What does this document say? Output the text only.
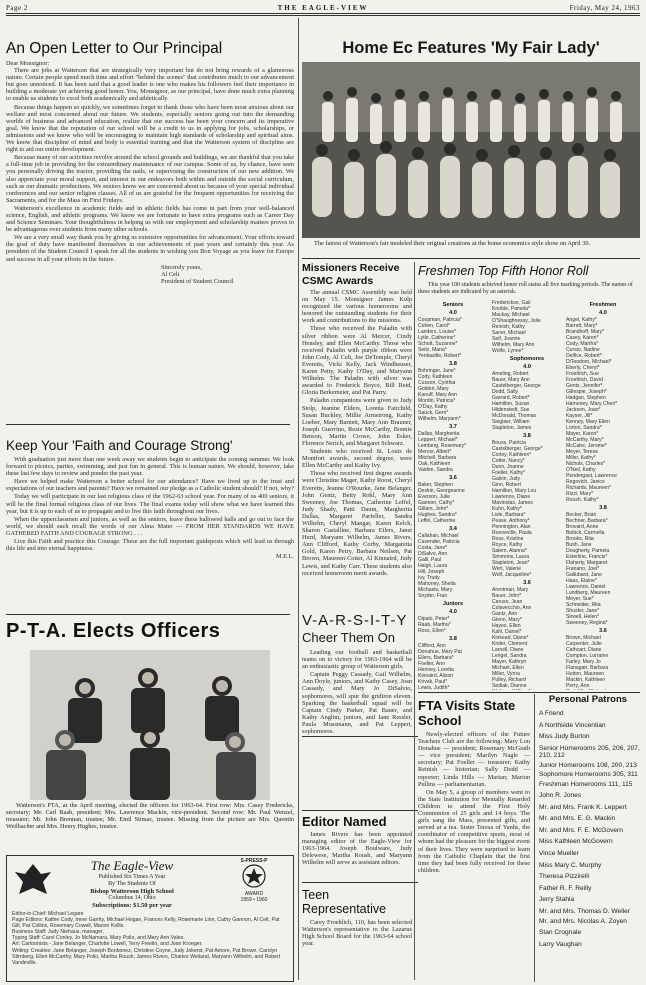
Page 2	THE EAGLE-VIEW	Friday, May 24, 1963
An Open Letter to Our Principal
Dear Monsignor:

There are jobs at Watterson that are strategically very important but do not bring rewards of a glamorous nature. Certain people spend much time and effort "behind the scenes" that contributes much to our advancement but goes unnoticed. It has been said that a good leader is one who makes his followers feel their importance in building a moderate yet achieving good honor. You, Monsignor, as our principal, have done much extra planning to enable us students to excel both academically and athletically.

Because things happen so quickly, we sometimes forget to thank those who have been most anxious about our welfare and most concerned about our future. We students, especially seniors going out into the demanding worlds of business and advanced education, realize that our success has been your concern and its imperative goal. We know that the reputation of our school will be a credit to us in applying for jobs, scholarships, or admissions and we know who will be encouraging to maintain high standards of scholarship and spiritual aims. We know that discipline of mind and body is essential training and that the Watterson system of discipline are right to aid our entire development.

Because many of our activities revolve around the school grounds and buildings, we are thankful that you take a full-time job in providing for the extraordinary maintenance of our campus. Some of us, by chance, have seen you personally driving the tractor, providing the nails, or supervising the construction of our new addition. We also appreciate your moral support, and interest in our endeavors both within and outside the social curriculum, such as our dramatic productions. We seniors know we are concerned about us because of your special individual conferences and our senior religion classes. All of us are grateful for the frequent opportunities for receiving the Sacraments, and for the Mass on First Fridays.

Watterson's excellence in academic fields and in athletic fields has come in part from your well-balanced science, English, and athletic programs. We know we are fortunate to have extra programs such as Career Day and Science Seminars. Your thoughtfulness in helping us with our employment and scholarship matters proves to be advantageous over students from many other schools.

We are a very small way thank you by giving us extensive opportunities for advancement. Your efforts toward the goal of duty have manifested themselves in our achievements of past years and certainly this year. As president of the Student Council I speak for all the students in wishing you Bon Voyage as you leave for Europe and success in all your efforts in the future.

Sincerely yours,
Al Celt
President of Student Council
Keep Your 'Faith and Courage Strong'

With graduation just more than one week away we students begin to anticipate the coming summer. We look forward to picnics, parties, swimming, and just fun in general. This is human nature. We should, however, take these last few days to review and ponder the past year.

Have we helped make Watterson a better school for our attendance? Have we lived up to the trust and expectations of our teachers and parents? Have we remained our pledge as a Catholic student should? If not, why?

Today we will participate in our last religious class of the 1962-63 school year. For many of us 400 seniors, it will be the final formal religious class of our lives. The final exams today will show what we have learned this year, but it is up to each of us to propagate and to live this faith throughout our lives.

When the upperclassmen and juniors, as well as the seniors, leave these hallowed halls and go out to face the world, we should each recall the words of our Alma Mater — FROM HER STANDARDS WE HAVE GATHERED FAITH AND COURAGE STRONG . . .

Live this Faith and practice this Courage. These are the full important guideposts which will lead us through this life and into eternal happiness.

M.E.L.
P-T-A. Elects Officers

Watterson's PTA, at the April meeting, elected the officers for 1963-64. First row: Mrs. Casey Fredericks, secretary; Mr. Carl Raab, president; Mrs. Lawrence Mackin, vice-president. Second row: Mr. Paul Wenzel, treasurer; Mr. John Brennan, trustee; Mr. Emil Stimac, trustee. Missing from the picture are Mrs. Quentin Weilbacher and Mrs. Henry Hughes, trustee.

The Eagle-View
Published Six Times A Year
By The Students Of
Bishop Watterson High School
Columbus 14, Ohio
Subscriptions: $1.50 per year
S-PRESS-P
AWARD
1959 • 1960
Editor-in-Chief: Michael Legare
Page Editors: Kathie Cody, Irene Garrity, Michael Hogan, Frances Kelly, Rosemarie Linn, Cathy Gannon, Al Celt, Pat Gill, Pat Collins, Rosemary Cowell, Marion Kollis.
Business Staff: Judy Niehaus, manager.
Typing Staff: Carol Conley, Jo McNamara, Mary Polio, and Mary Ann Vales.
Art: Cartoonists - Jane Belanger, Charlotte Lowell, Terry Freelin, and Joan Kroeger.
Writing: Creative: Jane Belanger, Joseph Bonbonez, Christine Coyne, Judy Jokerst, Pat Amore, Pat Brown, Carolyn Stirnberg, Ellen McCarthy, Mary Polio, Martha Roush, James Rivers, Charles Weiland, Maryann Wilhelm, and Robert Vandeville.
Home Ec Features 'My Fair Lady'

The fairest of Watterson's fair modeled their original creations at the home economics style show on April 30.

Missioners Receive CSMC Awards

The annual CSMC Assembly was held on May 15. Monsignor James Kulp recognized the various homerooms and honored the outstanding students for their work and contributions to the missions.

Those who received the Paladin with silver ribbon were Al Mercer, Cindy Hensley, and Ellen McCarthy. Those who received Paladin with purple ribbon were John Cody, Al Celt, Joe DeTemple, Cheryl Everetts, Vicki Kelly, Jack Windheuser, Karen Petty, Kathy O'Day, and Maryann Wilhelm. The Paladin with silver was awarded to Frederick Boyce, Bill Reid, Gloria Berkemeier, and Pat Parry.

Paladin companions were given to Judy Stolp, Jeanine Elders, Loretta Fairchild, Susan Buckley, Millie Armstrong, Kathy Loeber, Mary Barnett, Mary Ann Brauner, Joseph Guerrino, Rosie McCarthy, Bonnie Benson, Martin Crowe, John Esker, Florence Nerich, and Margaret Schwarz.

Students who received St. Louis de Montfort awards, second degree, were Ellen McCarthy and Kathy Ivy.

Those who received first degree awards were Christine Mager, Kathy Roost, Cheryl Everetts, Jeanne O'Rourke, Jane Belanger, John Gentz, Betty Rohl, Mary Ann Sweeney, Joe Thomas, Catherine Leffel, Judy Shady, Patti Daum, Margherita Dallas, Margaret Parfeller, Sandra Wilhelm, Cheryl Mangar, Karen Kelch, Sharon Castalline, Barbara Eilers, Janet Hurd, Maryann Wilhelm, James Rivers, Ann Clifford, Kathy Corby, Margaretta Gold, Karen Petry, Barbara Neilsen, Pat Brown, Maureen Cotter, Al Kinnaird, Judy Lewis, and Kathy Carr. These students also received homeroom merit awards.

V-A-R-S-I-T-Y
Cheer Them On

Leading our football and basketball teams on to victory for 1963-1964 will be an enthusiastic group of Watterson girls.

Captain Peggy Cassady, Gail Wilhelm, Ann Doyle, juniors, and Kathy Casey, Joan Cassady, and Mary Jo DiSalvio, sophomores, will spur the gridiron eleven. Sparking the basketball squad will be Captain Cindy Parker, Pat Bauer, and Kathy Anglim, juniors, and Jane Ressler, Paula Mussmann, and Pat Leppert, sophomores.

Editor Named

James Rivers has been appointed managing editor of the Eagle-View for 1963-1964. Joseph Boulware, Judy Delewese, Martha Roush, and Maryann Wilhelm will serve as assistant editors.

Teen Representative

Carey Froehlich, 110, has been selected Watterson's representative to the Lazarus High School Board for the 1963-64 school year.

Freshmen Top Fifth Honor Roll

This year 100 students achieved honor roll status all five marking periods. The names of these students are indicated by an asterisk.

Seniors
4.0
Coopman, Patricia*
Cohen, Carol*
Landers, Louise*
Lytle, Catherine*
Schott, Suzanne*
Seitz, Maria*
Yenkasitle, Robert*
3.8
Bohringer, Jane*
Cody, Kathleen
Cusson, Cynthia
Golden, Mary
Kanuff, Mary Ann
Mordin, Patricia*
O'Day, Kathy
Sauck, Gerri*
Wilhelm, Maryann*
3.7
Dallas, Margherita
Leppert, Michael*
Lemberg, Rosemary*
Mercer, Albert*
Mitchell, Barbara
Oak, Kathleen
Vaiden, Sandra
3.6
Baker, Stephen
Deskin, Georgeanne
Everson, Julie
Gannon, Cathy*
Gillam, John*
Hughes, Sandra*
Leffel, Catherine
3.4
Callahan, Michael
Cavender, Patricia
Costa, Jane*
DiSalvo, Ann
Galli, Paul
Haigh, Laura
Hill, Joseph
Ivy, Trudy
Mahoney, Sheila
Michaels, Mary
Snyder, Fran
Juniors
4.0
Dipalo, Peter*
Raab, Martha*
Ross, Ellen*
3.8
Clifford, Ann
Donahue, Mary Pat
Eilers, Barbara*
Foeller, Ann
Henney, Loretta
Kinnaird, Alison
Krivak, Paul*
Lewis, Judith*
Frederickse, Gail
Knoble, Pamela*
Mackay, Michael
O'Shaughnessy, Julie
Reinish, Kathy
Saner, Michael
Seif, Joanne
Wilhelm, Mary Ann
Wolfe, Lynne*
Sophomores
4.0
Ameling, Robert
Bauer, Mary Ann
Castelberger, George
Dodd, Sally
Garrard, Robert*
Hamilton, Susan
Hildenstedt, Sue
McDonald, Thomas
Sieglaer, William
Stapleton, James
3.8
Bouss, Patricia
Castelberger, George*
Corley, Kathleen*
Cotter, Nancy*
Dunn, Joanne
Foeller, Kathy*
Galvin, Judy
Ginn, Robert
Hamilton, Mary Lou
Lawrence, Diane
Mavinolas, James
Kuhn, Kathy*
Lisle, Barbara*
Pease, Anthony*
Pennington, Alan
Roeneville, Paula
Ross, Kristine
Royce, Kathy
Salem, Alanna*
Simmons, Laura
Stapleton, Jean*
Wert, Valerie
Wolf, Jacqueline*
3.6
Arentman, Mary
Bauer, John*
Caruso, Jean
Colavecchio, Ann
Gantz, Ann
Glenn, Mary*
Hayes, Ellen
Kahl, Daniel*
Kinkead, Diane*
Krider, Clement
Larnell, Diane
Lengel, Sandra
Mayer, Kathryn
Michael, Ellen
Miller, Vyrna
Pulley, Richard
Sedlak, Dianne
Freshmen
4.0
Angel, Kathy*
Barrett, Mary*
Brandhoff, Mary*
Casey, Karen*
Cody, Martha*
Cursio, Nadine
Delfice, Robert*
DiTeodoro, Michael*
Eberly, Cheryl*
Froehlich, Sue
Froehlich, David
Gentz, Jennifer*
Gillespie, Joseph*
Hadgan, Stephen
Hamoney, Mary Cheri*
Jackson, Joan*
Kayser, Jill*
Kenney, Mary Ellen
Lorton, Sandra*
Mayer, Karen*
McCarthy, Mary*
McCabe, Jerome*
Meyer, Terese
Miller, Kathy*
Nichols, Charles*
O'Neil, Kathy
Pendergast, Lawrence
Regovich, Janice
Richards, Maureen*
Rizzi, Mary*
Roush, Kathy*
3.8
Becker, Brian
Bechner, Barbara*
Brovard, Anne
Bobick, Carmella
Brooks, Rita
Bush, Jane
Dougherty, Pamela
Esterline, Francis*
Flaherty, Margaret
Franano, Joel*
Gallubard, Jane
Haas, Elaine*
Lawrence, Daniel
Lundberg, Maureen
Meyer, Sue*
Schneider, Rita
Shuster, Jane*
Sirwell, Helen*
Sweeney, Regina*
3.6
Brown, Michael
Carpenter, Julie
Cathcart, Diane
Compton, Lorraine
Farley, Mary Jo
Flanagan, Barbara
Hutton, Maureen
Mackin, Kathleen
Perry, Ann
FTA Visits State School

Newly-elected officers of the Future Teachers Club are the following: Mary Lou Donahue — president; Rosemary McGrath — vice president; Marilyn Nagle — secretary; Pat Foeller — treasurer; Kathy Reinish — historian; Sally Dodd — reporter; Linda Hills — Marian; Marion Pullins — parliamentarian.

On May 5, a group of members went to the State Institution for Mentally Retarded Children to attend the First Holy Communion of 25 girls and 14 boys. The girls sang the Mass, presented gifts, and served at a tea. Sister Teresa of Yanhs, the coordinator of competitive sports, most of whom had the pleasure for the biggest event of their lives. They were surprised to learn from the Catholic Chaplain that the first time they had been fully received for these children.

Personal Patrons
A Friend
A Northside Vincentian
Miss Judy Burton
Senior Homerooms 205, 206, 207, 210, 212
Junior Homerooms 108, 200, 213
Sophomore Homerooms 305, 311
Freshman Homerooms 111, 115
John R. Jones
Mr. and Mrs. Frank K. Leppert
Mr. and Mrs. E. G. Mackin
Mr. and Mrs. F. E. McGovern
Miss Kathleen McGovern
Vince Mueller
Miss Mary C. Murphy
Theresa Pizzirelli
Father R. F. Reilly
Jerry Stahla
Mr. and Mrs. Thomas D. Weller
Mr. and Mrs. Nicolas A. Zoyen
Stan Crognale
Larry Vaughan
